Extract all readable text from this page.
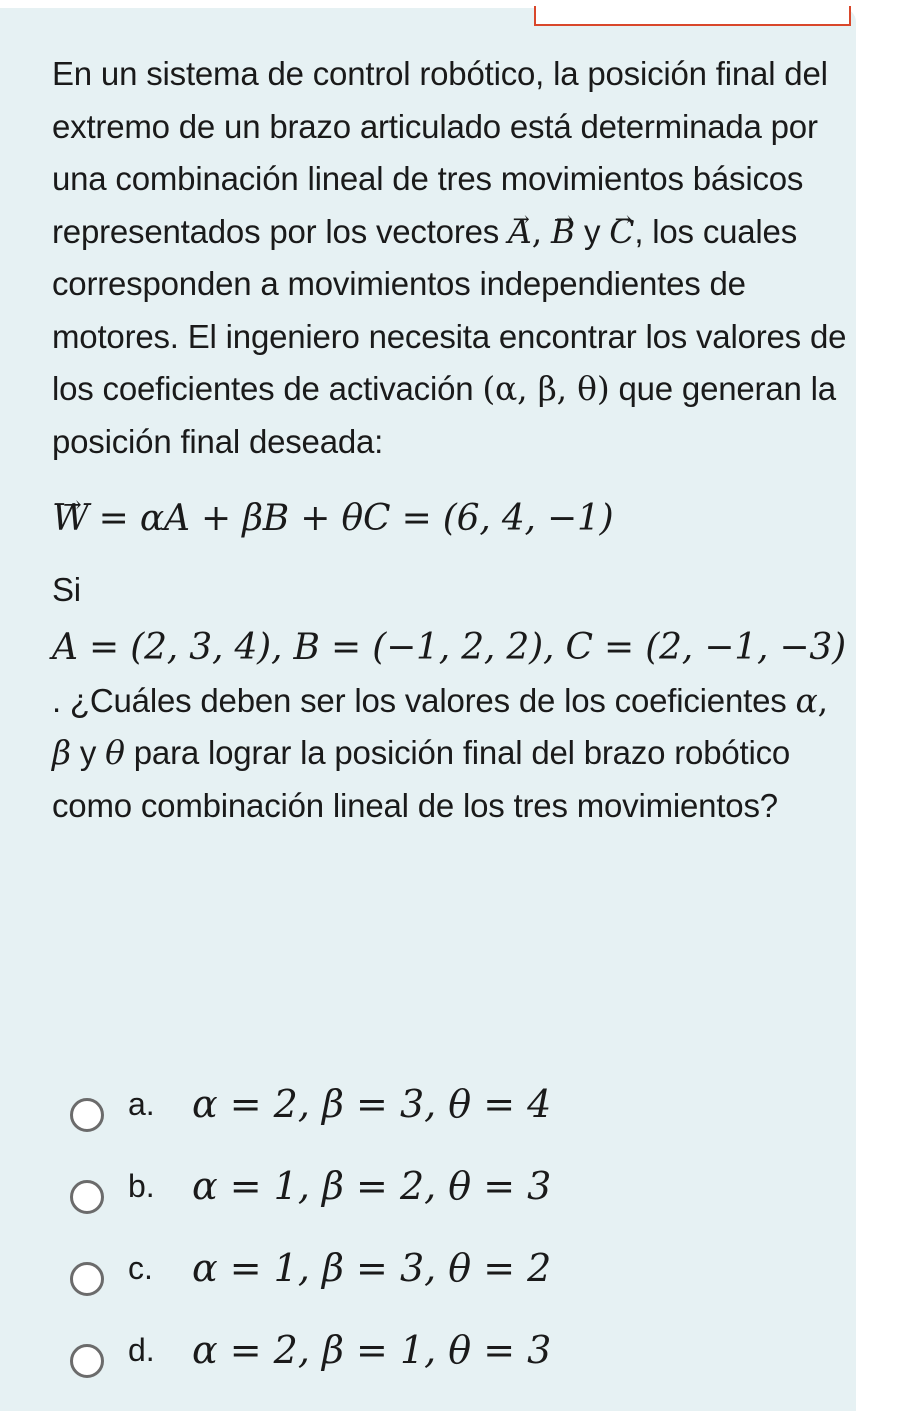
En un sistema de control robótico, la posición final del extremo de un brazo articulado está determinada por una combinación lineal de tres movimientos básicos representados por los vectores A →, B → y C →, los cuales corresponden a movimientos independientes de motores. El ingeniero necesita encontrar los valores de los coeficientes de activación (α, β, θ) que generan la posición final deseada:

W → = αA + βB + θC = (6, 4, −1)

Si

A = (2, 3, 4), B = (−1, 2, 2), C = (2, −1, −3)

. ¿Cuáles deben ser los valores de los coeficientes α, β y θ para lograr la posición final del brazo robótico como combinación lineal de los tres movimientos?

a. α = 2, β = 3, θ = 4
b. α = 1, β = 2, θ = 3
c. α = 1, β = 3, θ = 2
d. α = 2, β = 1, θ = 3
